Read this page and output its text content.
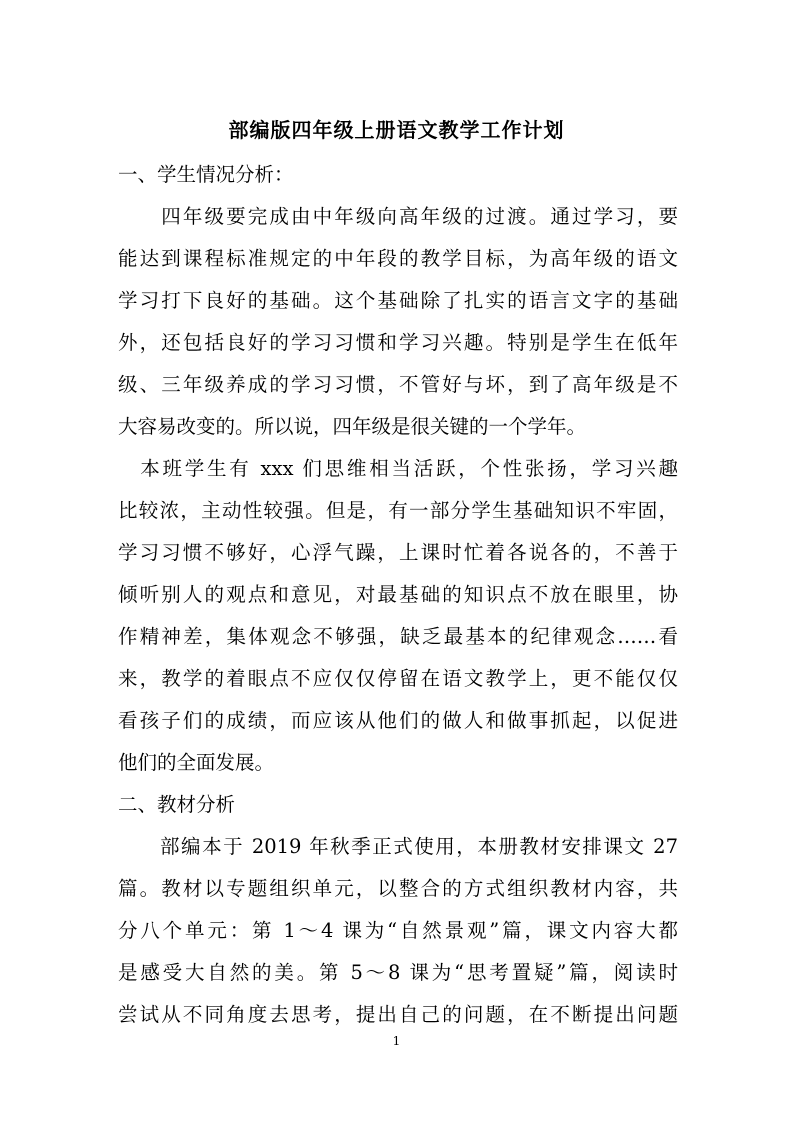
部编版四年级上册语文教学工作计划
一、学生情况分析：
　　四年级要完成由中年级向高年级的过渡。通过学习，要
能达到课程标准规定的中年段的教学目标，为高年级的语文
学习打下良好的基础。这个基础除了扎实的语言文字的基础
外，还包括良好的学习习惯和学习兴趣。特别是学生在低年
级、三年级养成的学习习惯，不管好与坏，到了高年级是不
大容易改变的。所以说，四年级是很关键的一个学年。
　本班学生有 xxx 们思维相当活跃，个性张扬，学习兴趣
比较浓，主动性较强。但是，有一部分学生基础知识不牢固，
学习习惯不够好，心浮气躁，上课时忙着各说各的，不善于
倾听别人的观点和意见，对最基础的知识点不放在眼里，协
作精神差，集体观念不够强，缺乏最基本的纪律观念……看
来，教学的着眼点不应仅仅停留在语文教学上，更不能仅仅
看孩子们的成绩，而应该从他们的做人和做事抓起，以促进
他们的全面发展。
二、教材分析
　　部编本于 2019 年秋季正式使用，本册教材安排课文 27
篇。教材以专题组织单元，以整合的方式组织教材内容，共
分八个单元：第 1～4 课为“自然景观”篇，课文内容大都
是感受大自然的美。第 5～8 课为“思考置疑”篇，阅读时
尝试从不同角度去思考，提出自己的问题，在不断提出问题
1
